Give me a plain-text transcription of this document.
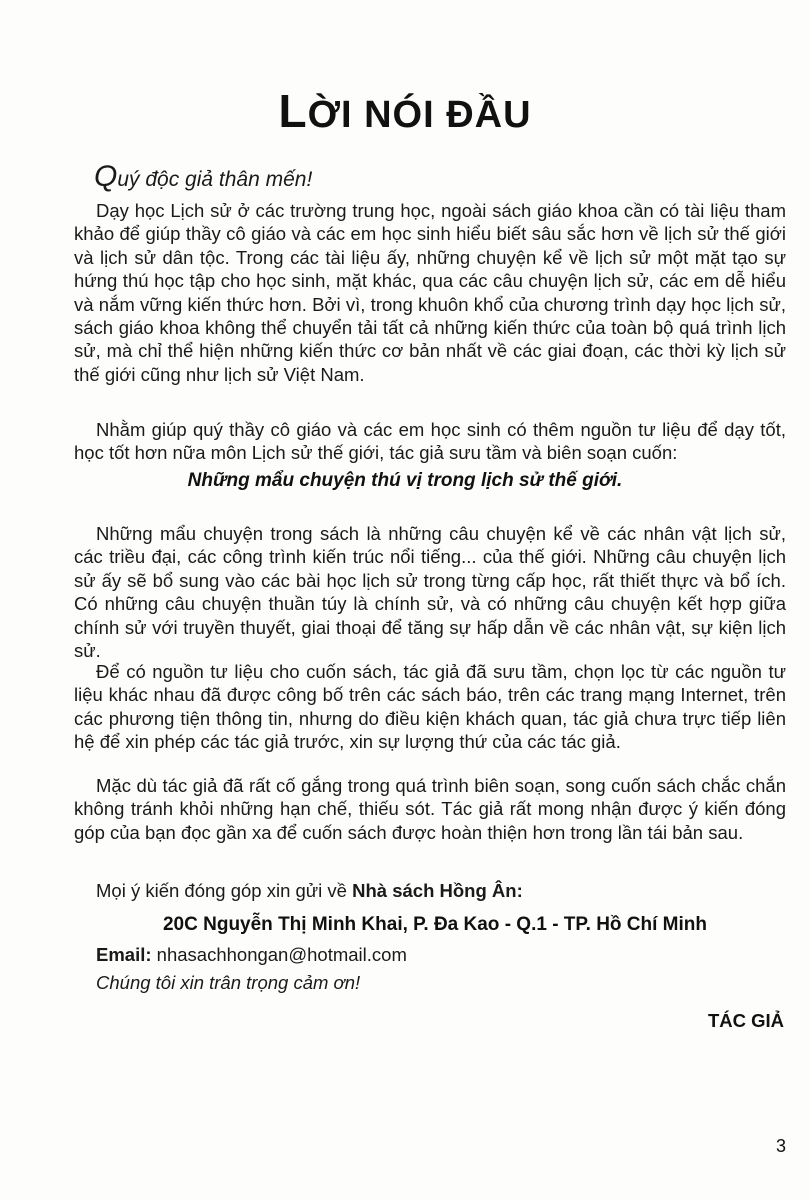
LỜI NÓI ĐẦU
Quý độc giả thân mến!

Dạy học Lịch sử ở các trường trung học, ngoài sách giáo khoa cần có tài liệu tham khảo để giúp thầy cô giáo và các em học sinh hiểu biết sâu sắc hơn về lịch sử thế giới và lịch sử dân tộc. Trong các tài liệu ấy, những chuyện kể về lịch sử một mặt tạo sự hứng thú học tập cho học sinh, mặt khác, qua các câu chuyện lịch sử, các em dễ hiểu và nắm vững kiến thức hơn. Bởi vì, trong khuôn khổ của chương trình dạy học lịch sử, sách giáo khoa không thể chuyển tải tất cả những kiến thức của toàn bộ quá trình lịch sử, mà chỉ thể hiện những kiến thức cơ bản nhất về các giai đoạn, các thời kỳ lịch sử thế giới cũng như lịch sử Việt Nam.

Nhằm giúp quý thầy cô giáo và các em học sinh có thêm nguồn tư liệu để dạy tốt, học tốt hơn nữa môn Lịch sử thế giới, tác giả sưu tầm và biên soạn cuốn:

Những mẩu chuyện thú vị trong lịch sử thế giới.

Những mẩu chuyện trong sách là những câu chuyện kể về các nhân vật lịch sử, các triều đại, các công trình kiến trúc nổi tiếng... của thế giới. Những câu chuyện lịch sử ấy sẽ bổ sung vào các bài học lịch sử trong từng cấp học, rất thiết thực và bổ ích. Có những câu chuyện thuần túy là chính sử, và có những câu chuyện kết hợp giữa chính sử với truyền thuyết, giai thoại để tăng sự hấp dẫn về các nhân vật, sự kiện lịch sử.

Để có nguồn tư liệu cho cuốn sách, tác giả đã sưu tầm, chọn lọc từ các nguồn tư liệu khác nhau đã được công bố trên các sách báo, trên các trang mạng Internet, trên các phương tiện thông tin, nhưng do điều kiện khách quan, tác giả chưa trực tiếp liên hệ để xin phép các tác giả trước, xin sự lượng thứ của các tác giả.

Mặc dù tác giả đã rất cố gắng trong quá trình biên soạn, song cuốn sách chắc chắn không tránh khỏi những hạn chế, thiếu sót. Tác giả rất mong nhận được ý kiến đóng góp của bạn đọc gần xa để cuốn sách được hoàn thiện hơn trong lần tái bản sau.

Mọi ý kiến đóng góp xin gửi về Nhà sách Hồng Ân:
20C Nguyễn Thị Minh Khai, P. Đa Kao - Q.1 - TP. Hồ Chí Minh
Email: nhasachhongan@hotmail.com
Chúng tôi xin trân trọng cảm ơn!
TÁC GIẢ
3
